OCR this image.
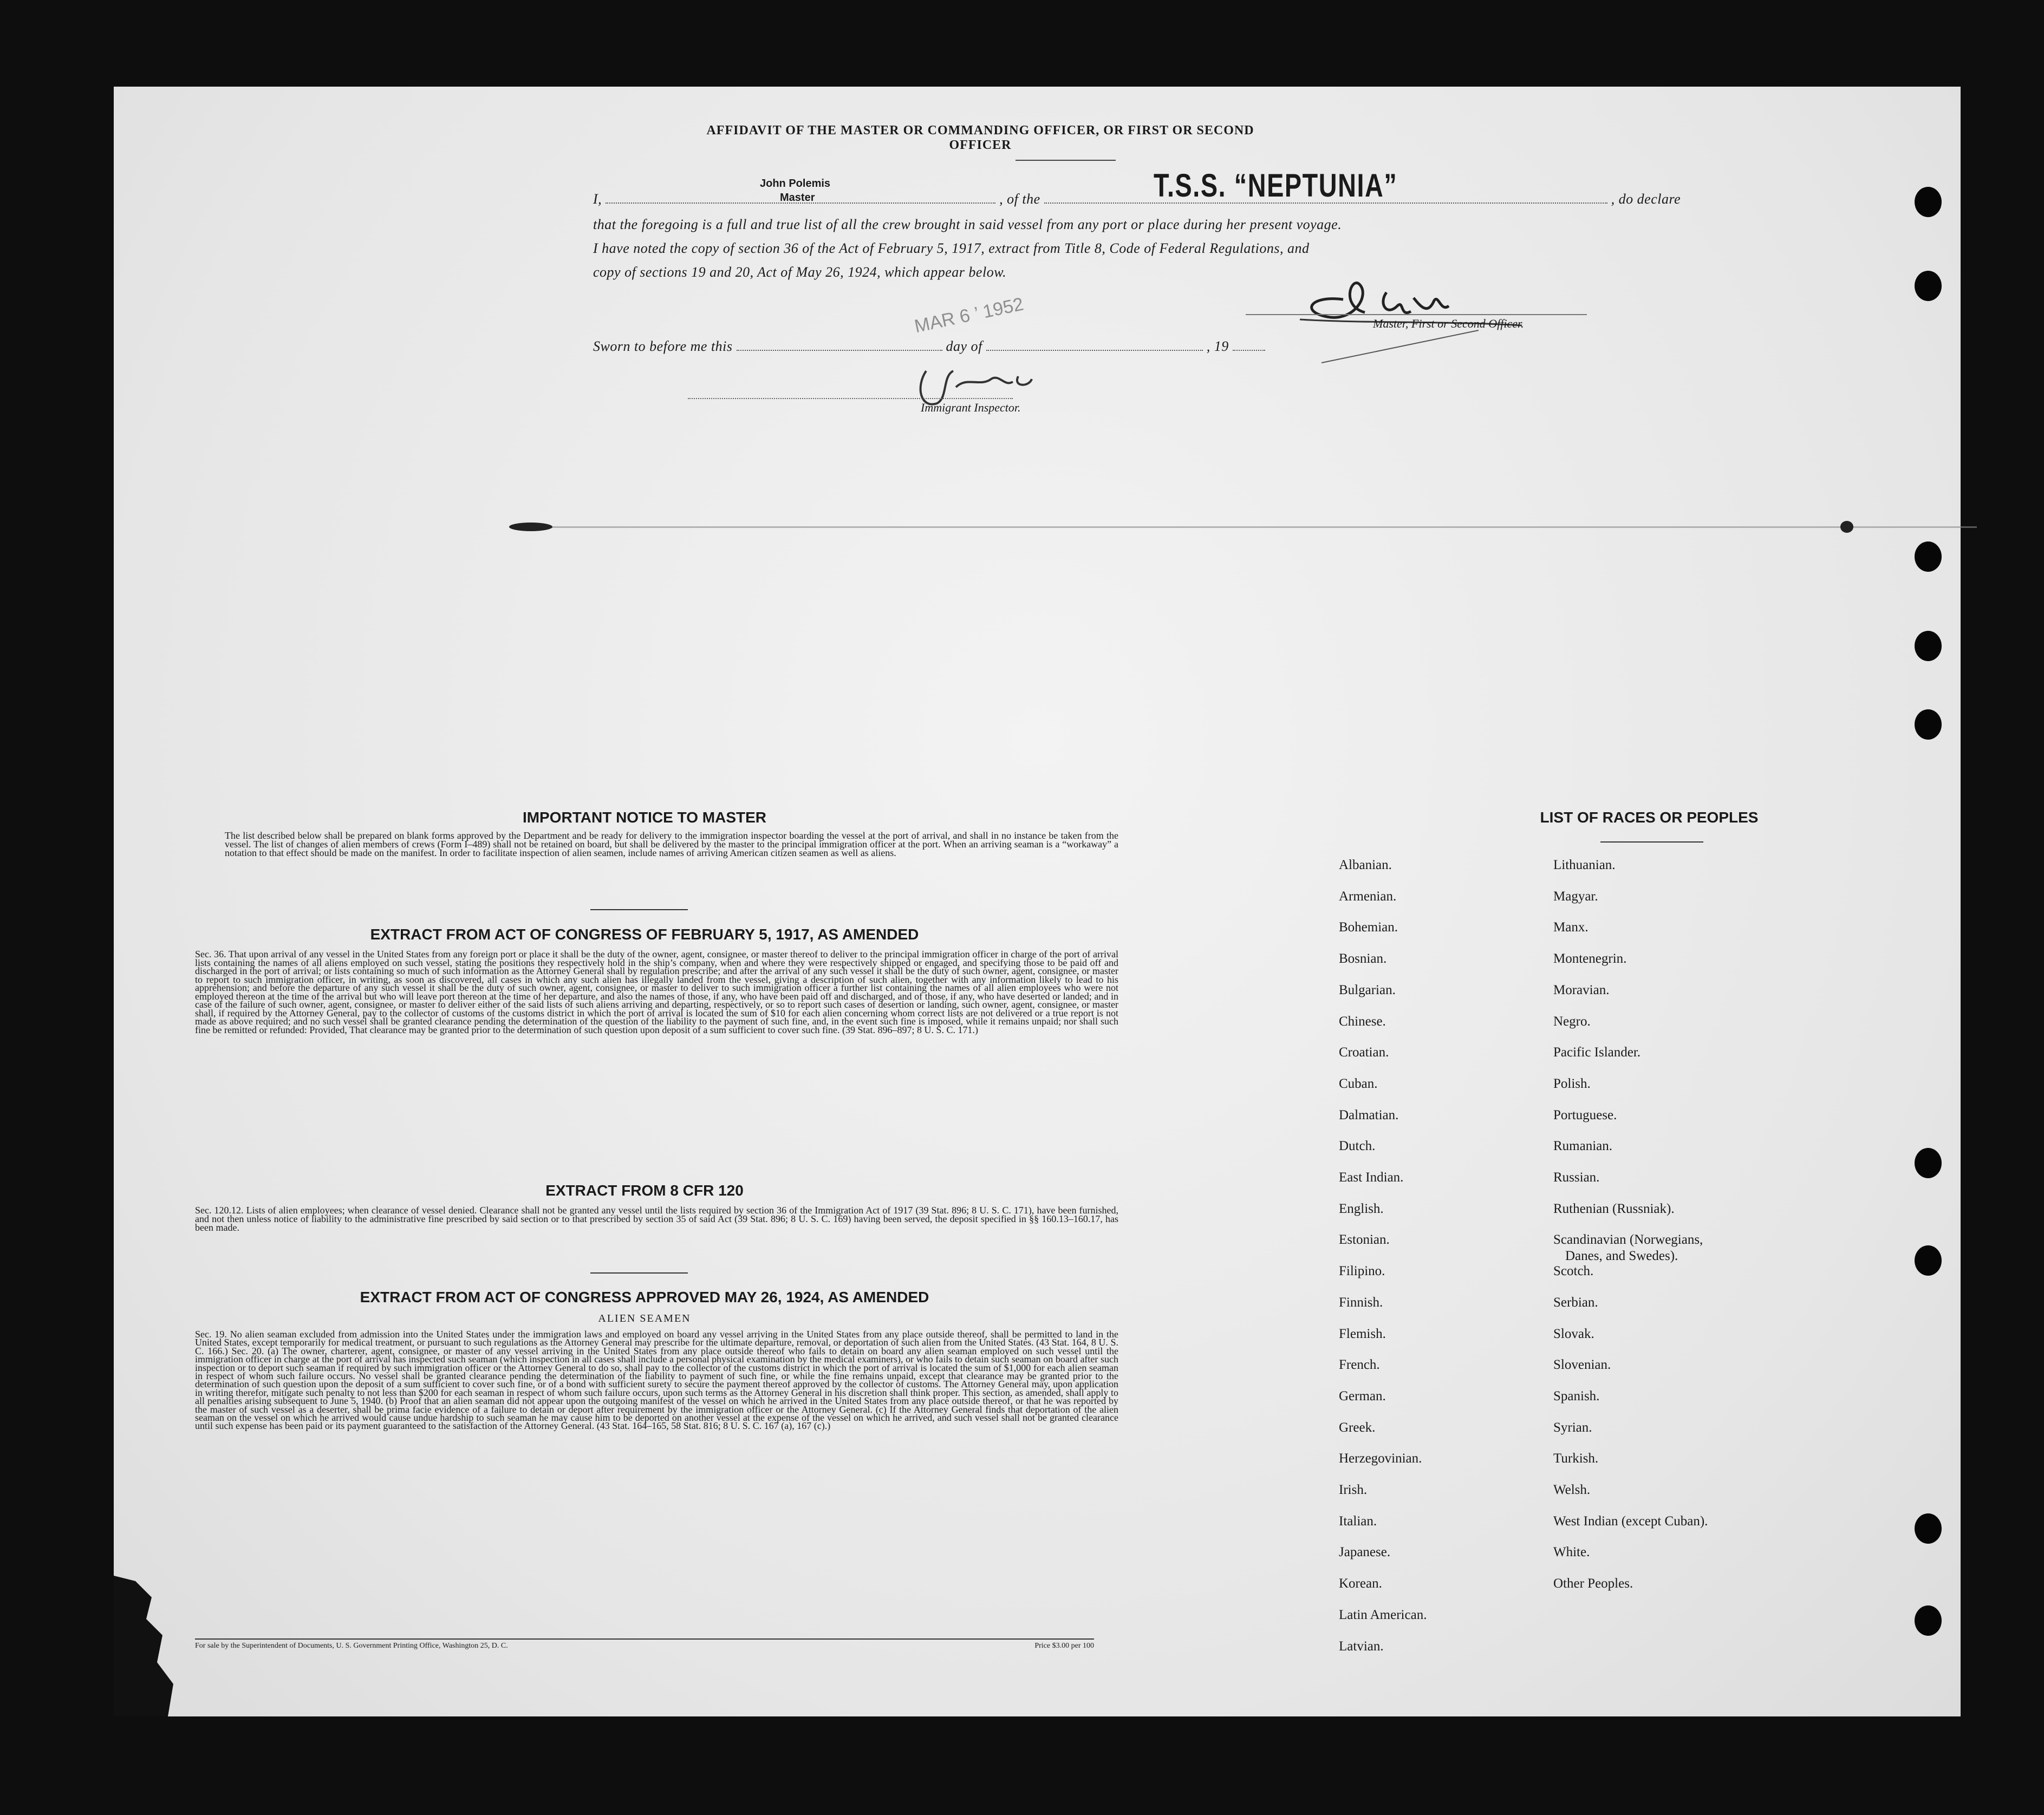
AFFIDAVIT OF THE MASTER OR COMMANDING OFFICER, OR FIRST OR SECOND OFFICER
I,	, of the	, do declare
John Polemis
Master	T.S.S. “NEPTUNIA”
that the foregoing is a full and true list of all the crew brought in said vessel from any port or place during her present voyage.
I have noted the copy of section 36 of the Act of February 5, 1917, extract from Title 8, Code of Federal Regulations, and
copy of sections 19 and 20, Act of May 26, 1924, which appear below.
Master, First or Second Officer.
Sworn to before me this	day of	, 19
MAR 6 ’ 1952
Immigrant Inspector.
IMPORTANT NOTICE TO MASTER
The list described below shall be prepared on blank forms approved by the Department and be ready for delivery to the immigration inspector boarding the vessel at the port of arrival, and shall in no instance be taken from the vessel. The list of changes of alien members of crews (Form I–489) shall not be retained on board, but shall be delivered by the master to the principal immigration officer at the port. When an arriving seaman is a “workaway” a notation to that effect should be made on the manifest. In order to facilitate inspection of alien seamen, include names of arriving American citizen seamen as well as aliens.
EXTRACT FROM ACT OF CONGRESS OF FEBRUARY 5, 1917, AS AMENDED
Sec. 36. That upon arrival of any vessel in the United States from any foreign port or place it shall be the duty of the owner, agent, consignee, or master thereof to deliver to the principal immigration officer in charge of the port of arrival lists containing the names of all aliens employed on such vessel, stating the positions they respectively hold in the ship’s company, when and where they were respectively shipped or engaged, and specifying those to be paid off and discharged in the port of arrival; or lists containing so much of such information as the Attorney General shall by regulation prescribe; and after the arrival of any such vessel it shall be the duty of such owner, agent, consignee, or master to report to such immigration officer, in writing, as soon as discovered, all cases in which any such alien has illegally landed from the vessel, giving a description of such alien, together with any information likely to lead to his apprehension; and before the departure of any such vessel it shall be the duty of such owner, agent, consignee, or master to deliver to such immigration officer a further list containing the names of all alien employees who were not employed thereon at the time of the arrival but who will leave port thereon at the time of her departure, and also the names of those, if any, who have been paid off and discharged, and of those, if any, who have deserted or landed; and in case of the failure of such owner, agent, consignee, or master to deliver either of the said lists of such aliens arriving and departing, respectively, or so to report such cases of desertion or landing, such owner, agent, consignee, or master shall, if required by the Attorney General, pay to the collector of customs of the customs district in which the port of arrival is located the sum of $10 for each alien concerning whom correct lists are not delivered or a true report is not made as above required; and no such vessel shall be granted clearance pending the determination of the question of the liability to the payment of such fine, and, in the event such fine is imposed, while it remains unpaid; nor shall such fine be remitted or refunded: Provided, That clearance may be granted prior to the determination of such question upon deposit of a sum sufficient to cover such fine. (39 Stat. 896–897; 8 U. S. C. 171.)
EXTRACT FROM 8 CFR 120
Sec. 120.12. Lists of alien employees; when clearance of vessel denied. Clearance shall not be granted any vessel until the lists required by section 36 of the Immigration Act of 1917 (39 Stat. 896; 8 U. S. C. 171), have been furnished, and not then unless notice of liability to the administrative fine prescribed by said section or to that prescribed by section 35 of said Act (39 Stat. 896; 8 U. S. C. 169) having been served, the deposit specified in §§ 160.13–160.17, has been made.
EXTRACT FROM ACT OF CONGRESS APPROVED MAY 26, 1924, AS AMENDED
ALIEN SEAMEN
Sec. 19. No alien seaman excluded from admission into the United States under the immigration laws and employed on board any vessel arriving in the United States from any place outside thereof, shall be permitted to land in the United States, except temporarily for medical treatment, or pursuant to such regulations as the Attorney General may prescribe for the ultimate departure, removal, or deportation of such alien from the United States. (43 Stat. 164, 8 U. S. C. 166.) Sec. 20. (a) The owner, charterer, agent, consignee, or master of any vessel arriving in the United States from any place outside thereof who fails to detain on board any alien seaman employed on such vessel until the immigration officer in charge at the port of arrival has inspected such seaman (which inspection in all cases shall include a personal physical examination by the medical examiners), or who fails to detain such seaman on board after such inspection or to deport such seaman if required by such immigration officer or the Attorney General to do so, shall pay to the collector of the customs district in which the port of arrival is located the sum of $1,000 for each alien seaman in respect of whom such failure occurs. No vessel shall be granted clearance pending the determination of the liability to payment of such fine, or while the fine remains unpaid, except that clearance may be granted prior to the determination of such question upon the deposit of a sum sufficient to cover such fine, or of a bond with sufficient surety to secure the payment thereof approved by the collector of customs. The Attorney General may, upon application in writing therefor, mitigate such penalty to not less than $200 for each seaman in respect of whom such failure occurs, upon such terms as the Attorney General in his discretion shall think proper. This section, as amended, shall apply to all penalties arising subsequent to June 5, 1940. (b) Proof that an alien seaman did not appear upon the outgoing manifest of the vessel on which he arrived in the United States from any place outside thereof, or that he was reported by the master of such vessel as a deserter, shall be prima facie evidence of a failure to detain or deport after requirement by the immigration officer or the Attorney General. (c) If the Attorney General finds that deportation of the alien seaman on the vessel on which he arrived would cause undue hardship to such seaman he may cause him to be deported on another vessel at the expense of the vessel on which he arrived, and such vessel shall not be granted clearance until such expense has been paid or its payment guaranteed to the satisfaction of the Attorney General. (43 Stat. 164–165, 58 Stat. 816; 8 U. S. C. 167 (a), 167 (c).)
For sale by the Superintendent of Documents, U. S. Government Printing Office, Washington 25, D. C.	Price $3.00 per 100
LIST OF RACES OR PEOPLES
Albanian.
Armenian.
Bohemian.
Bosnian.
Bulgarian.
Chinese.
Croatian.
Cuban.
Dalmatian.
Dutch.
East Indian.
English.
Estonian.
Filipino.
Finnish.
Flemish.
French.
German.
Greek.
Herzegovinian.
Irish.
Italian.
Japanese.
Korean.
Latin American.
Latvian.
Lithuanian.
Magyar.
Manx.
Montenegrin.
Moravian.
Negro.
Pacific Islander.
Polish.
Portuguese.
Rumanian.
Russian.
Ruthenian (Russniak).
Scandinavian (Norwegians,
Danes, and Swedes).
Scotch.
Serbian.
Slovak.
Slovenian.
Spanish.
Syrian.
Turkish.
Welsh.
West Indian (except Cuban).
White.
Other Peoples.
